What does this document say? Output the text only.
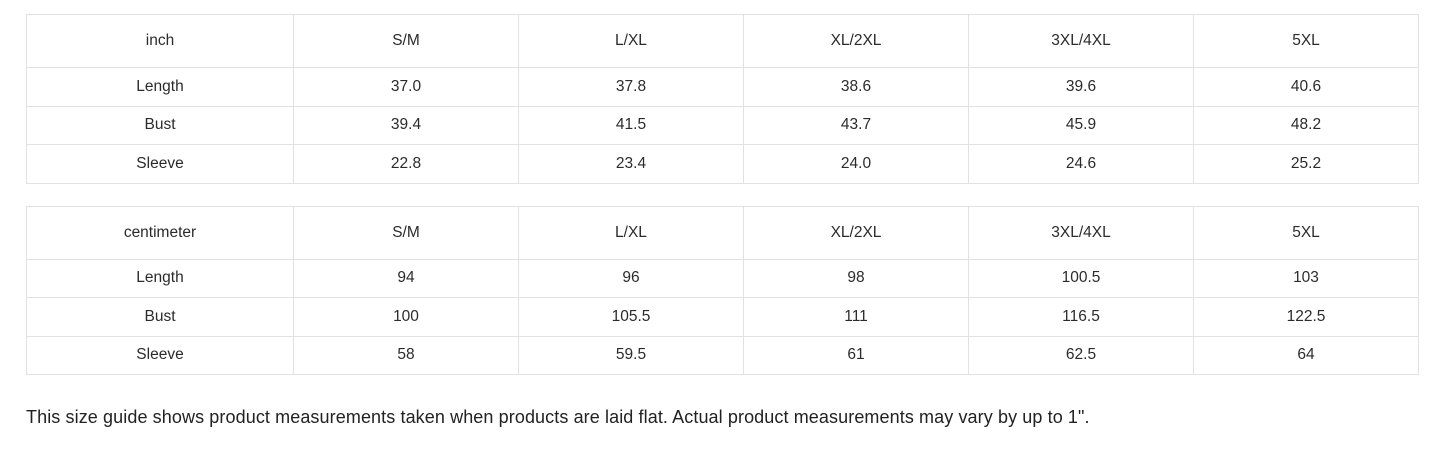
inch	S/M	L/XL	XL/2XL	3XL/4XL	5XL
Length	37.0	37.8	38.6	39.6	40.6
Bust	39.4	41.5	43.7	45.9	48.2
Sleeve	22.8	23.4	24.0	24.6	25.2
centimeter	S/M	L/XL	XL/2XL	3XL/4XL	5XL
Length	94	96	98	100.5	103
Bust	100	105.5	111	116.5	122.5
Sleeve	58	59.5	61	62.5	64

This size guide shows product measurements taken when products are laid flat. Actual product measurements may vary by up to 1".
